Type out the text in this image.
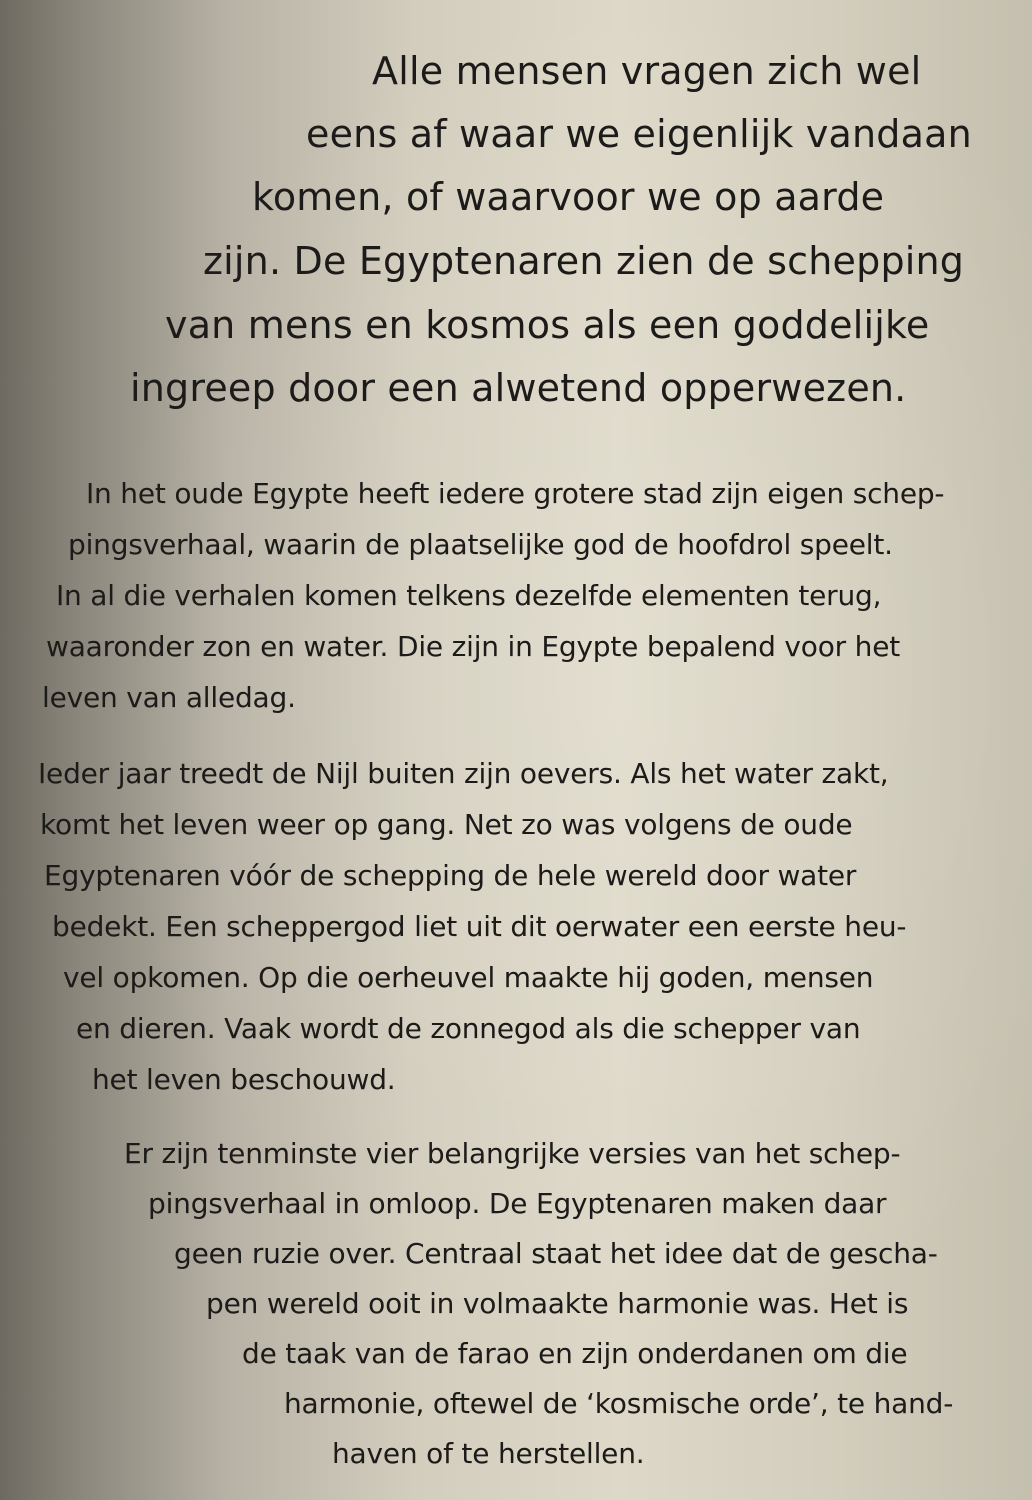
Alle mensen vragen zich wel
eens af waar we eigenlijk vandaan
komen, of waarvoor we op aarde
zijn. De Egyptenaren zien de schepping
van mens en kosmos als een goddelijke
ingreep door een alwetend opperwezen.
In het oude Egypte heeft iedere grotere stad zijn eigen schep-
pingsverhaal, waarin de plaatselijke god de hoofdrol speelt.
In al die verhalen komen telkens dezelfde elementen terug,
waaronder zon en water. Die zijn in Egypte bepalend voor het
leven van alledag.
Ieder jaar treedt de Nijl buiten zijn oevers. Als het water zakt,
komt het leven weer op gang. Net zo was volgens de oude
Egyptenaren vóór de schepping de hele wereld door water
bedekt. Een scheppergod liet uit dit oerwater een eerste heu-
vel opkomen. Op die oerheuvel maakte hij goden, mensen
en dieren. Vaak wordt de zonnegod als die schepper van
het leven beschouwd.
Er zijn tenminste vier belangrijke versies van het schep-
pingsverhaal in omloop. De Egyptenaren maken daar
geen ruzie over. Centraal staat het idee dat de gescha-
pen wereld ooit in volmaakte harmonie was. Het is
de taak van de farao en zijn onderdanen om die
harmonie, oftewel de ‘kosmische orde’, te hand-
haven of te herstellen.
